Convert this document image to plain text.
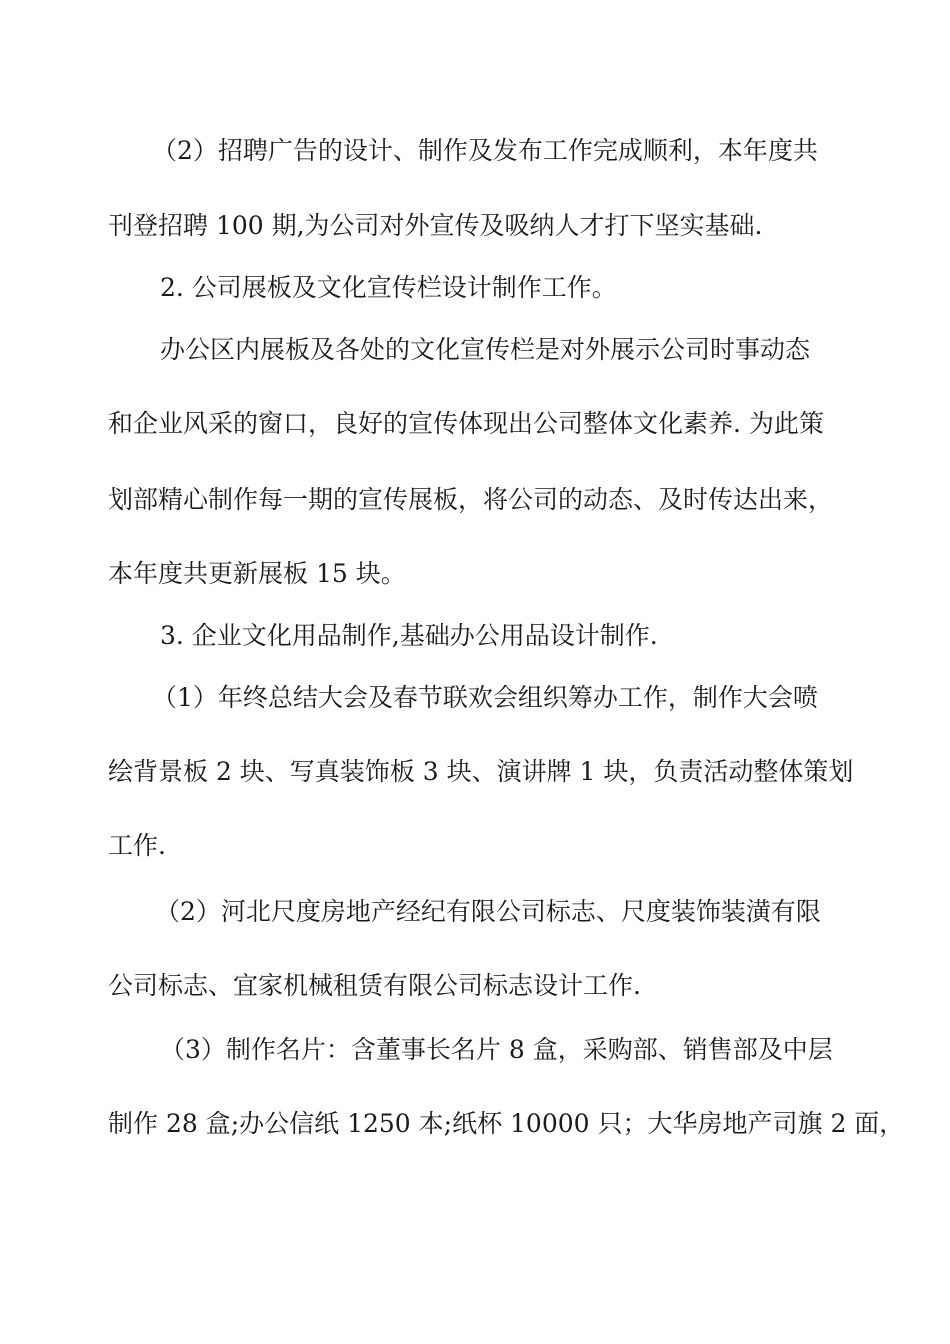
（2）招聘广告的设计、制作及发布工作完成顺利，本年度共
刊登招聘 100 期,为公司对外宣传及吸纳人才打下坚实基础.
2. 公司展板及文化宣传栏设计制作工作。
办公区内展板及各处的文化宣传栏是对外展示公司时事动态
和企业风采的窗口，良好的宣传体现出公司整体文化素养. 为此策
划部精心制作每一期的宣传展板，将公司的动态、及时传达出来，
本年度共更新展板 15 块。
3. 企业文化用品制作,基础办公用品设计制作.
（1）年终总结大会及春节联欢会组织筹办工作，制作大会喷
绘背景板 2 块、写真装饰板 3 块、演讲牌 1 块，负责活动整体策划
工作.
（2）河北尺度房地产经纪有限公司标志、尺度装饰装潢有限
公司标志、宜家机械租赁有限公司标志设计工作.
（3）制作名片：含董事长名片 8 盒，采购部、销售部及中层
制作 28 盒;办公信纸 1250 本;纸杯 10000 只；大华房地产司旗 2 面，
